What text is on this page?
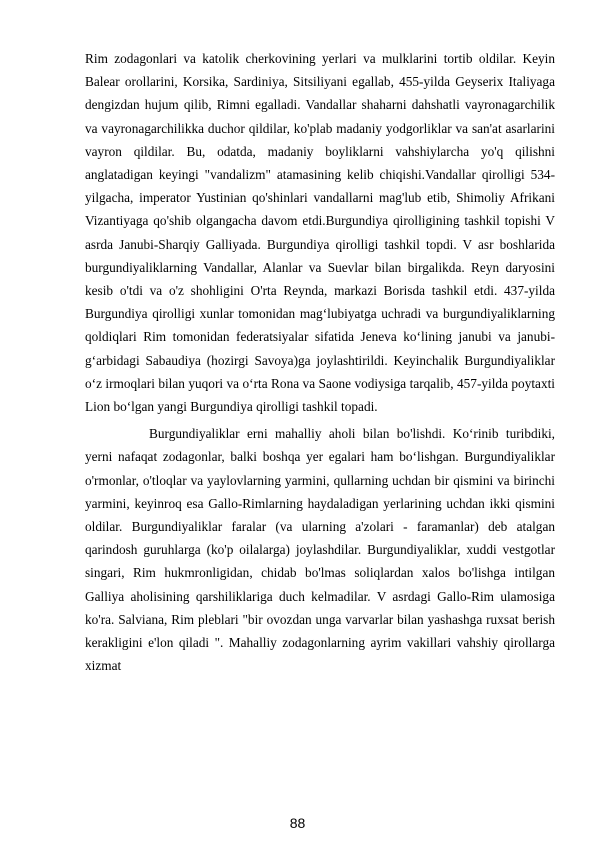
Rim zodagonlari va katolik cherkovining yerlari va mulklarini tortib oldilar. Keyin Balear orollarini, Korsika, Sardiniya, Sitsiliyani egallab, 455-yilda Geyserix Italiyaga dengizdan hujum qilib, Rimni egalladi. Vandallar shaharni dahshatli vayronagarchilik va vayronagarchilikka duchor qildilar, ko'plab madaniy yodgorliklar va san'at asarlarini vayron qildilar. Bu, odatda, madaniy boyliklarni vahshiylarcha yo'q qilishni anglatadigan keyingi "vandalizm" atamasining kelib chiqishi.Vandallar qirolligi 534-yilgacha, imperator Yustinian qo'shinlari vandallarni mag'lub etib, Shimoliy Afrikani Vizantiyaga qo'shib olgangacha davom etdi.Burgundiya qirolligining tashkil topishi V asrda Janubi-Sharqiy Galliyada. Burgundiya qirolligi tashkil topdi. V asr boshlarida burgundiyaliklarning Vandallar, Alanlar va Suevlar bilan birgalikda. Reyn daryosini kesib o'tdi va o'z shohligini O'rta Reynda, markazi Borisda tashkil etdi. 437-yilda Burgundiya qirolligi xunlar tomonidan mag‘lubiyatga uchradi va burgundiyaliklarning qoldiqlari Rim tomonidan federatsiyalar sifatida Jeneva ko‘lining janubi va janubi-g‘arbidagi Sabaudiya (hozirgi Savoya)ga joylashtirildi. Keyinchalik Burgundiyaliklar o‘z irmoqlari bilan yuqori va o‘rta Rona va Saone vodiysiga tarqalib, 457-yilda poytaxti Lion bo‘lgan yangi Burgundiya qirolligi tashkil topadi.

Burgundiyaliklar erni mahalliy aholi bilan bo'lishdi. Ko‘rinib turibdiki, yerni nafaqat zodagonlar, balki boshqa yer egalari ham bo‘lishgan. Burgundiyaliklar o'rmonlar, o'tloqlar va yaylovlarning yarmini, qullarning uchdan bir qismini va birinchi yarmini, keyinroq esa Gallo-Rimlarning haydaladigan yerlarining uchdan ikki qismini oldilar. Burgundiyaliklar faralar (va ularning a'zolari - faramanlar) deb atalgan qarindosh guruhlarga (ko'p oilalarga) joylashdilar. Burgundiyaliklar, xuddi vestgotlar singari, Rim hukmronligidan, chidab bo'lmas soliqlardan xalos bo'lishga intilgan Galliya aholisining qarshiliklariga duch kelmadilar. V asrdagi Gallo-Rim ulamosiga ko'ra. Salviana, Rim pleblari "bir ovozdan unga varvarlar bilan yashashga ruxsat berish kerakligіni e'lon qiladi ". Mahalliy zodagonlarning ayrim vakillari vahshiy qirollarga xizmat

88
